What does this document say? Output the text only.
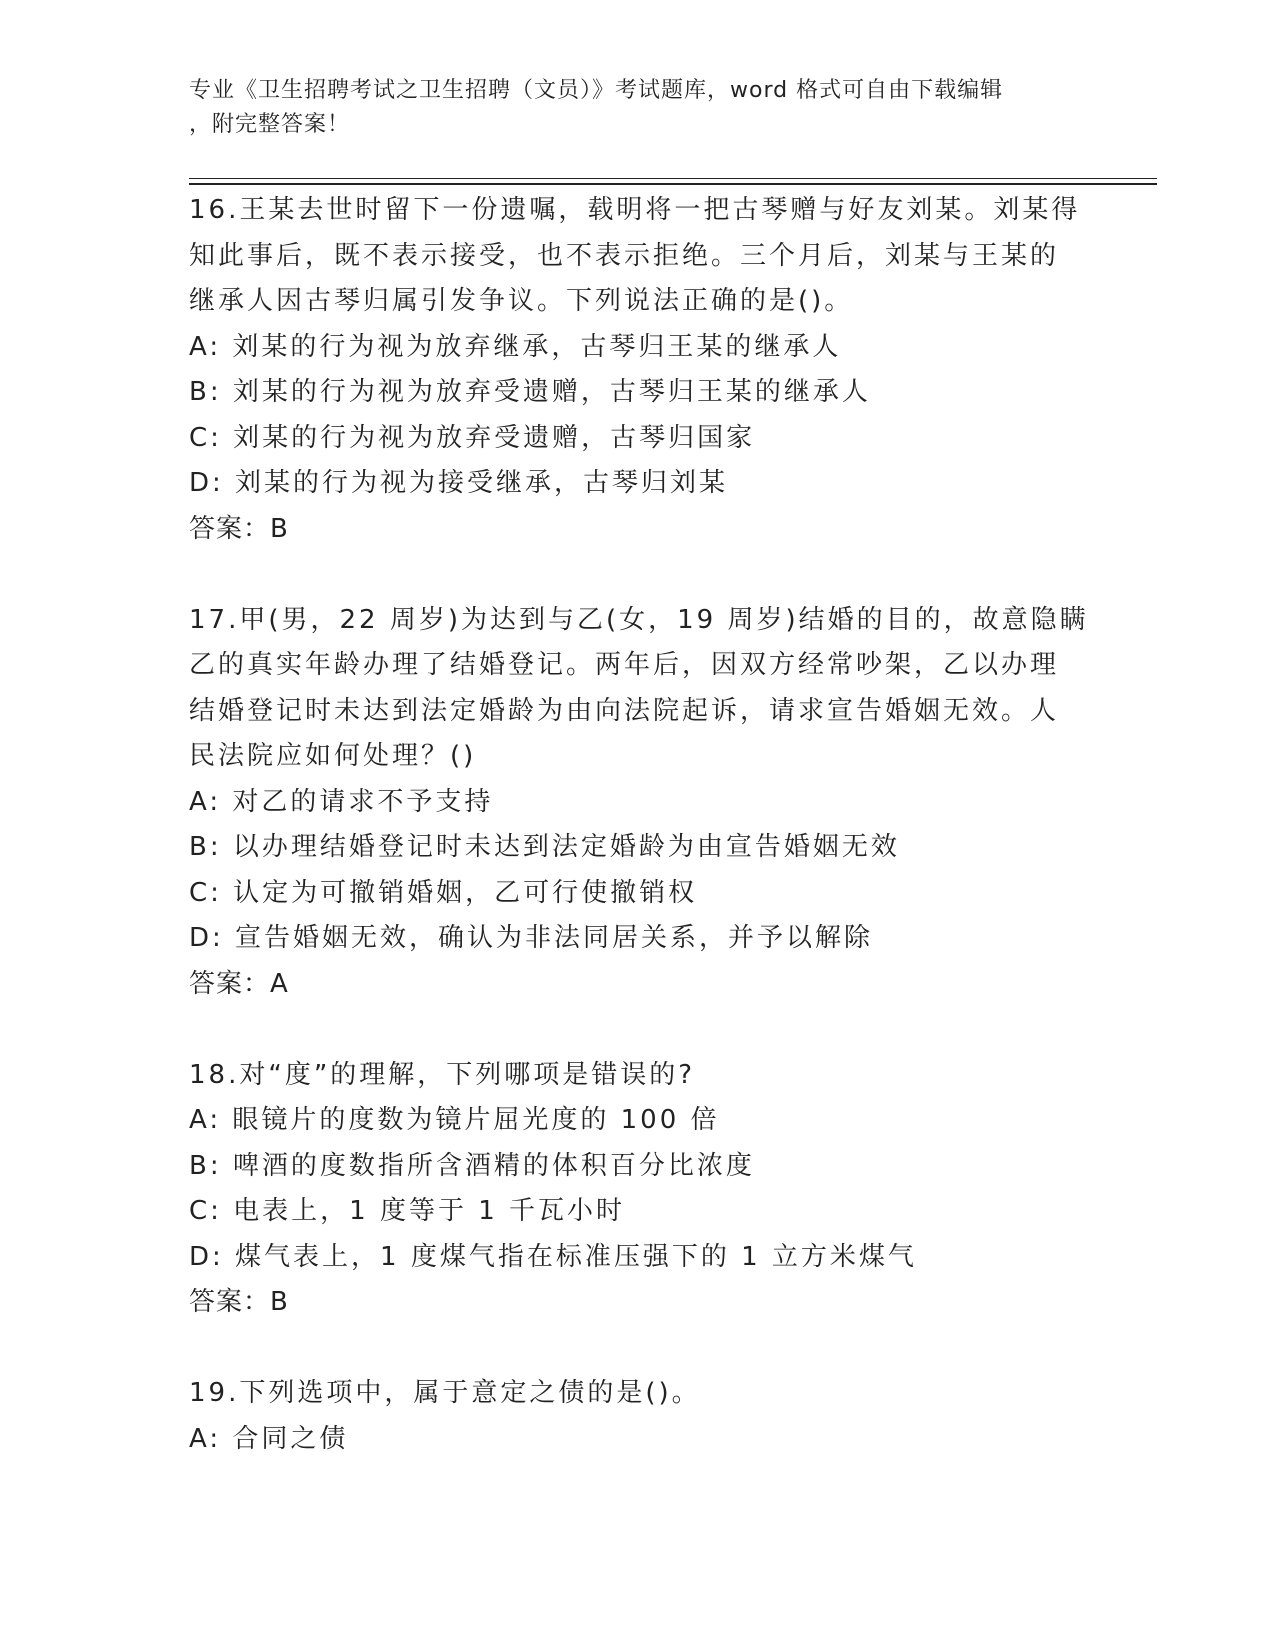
专业《卫生招聘考试之卫生招聘（文员）》考试题库，word 格式可自由下载编辑
，附完整答案！

16.王某去世时留下一份遗嘱，载明将一把古琴赠与好友刘某。刘某得

知此事后，既不表示接受，也不表示拒绝。三个月后，刘某与王某的

继承人因古琴归属引发争议。下列说法正确的是()。

A: 刘某的行为视为放弃继承，古琴归王某的继承人

B: 刘某的行为视为放弃受遗赠，古琴归王某的继承人

C: 刘某的行为视为放弃受遗赠，古琴归国家

D: 刘某的行为视为接受继承，古琴归刘某

答案：B

17.甲(男，22 周岁)为达到与乙(女，19 周岁)结婚的目的，故意隐瞒

乙的真实年龄办理了结婚登记。两年后，因双方经常吵架，乙以办理

结婚登记时未达到法定婚龄为由向法院起诉，请求宣告婚姻无效。人

民法院应如何处理？()

A: 对乙的请求不予支持

B: 以办理结婚登记时未达到法定婚龄为由宣告婚姻无效

C: 认定为可撤销婚姻，乙可行使撤销权

D: 宣告婚姻无效，确认为非法同居关系，并予以解除

答案：A

18.对“度”的理解，下列哪项是错误的?

A: 眼镜片的度数为镜片屈光度的 100 倍

B: 啤酒的度数指所含酒精的体积百分比浓度

C: 电表上，1 度等于 1 千瓦小时

D: 煤气表上，1 度煤气指在标准压强下的 1 立方米煤气

答案：B

19.下列选项中，属于意定之债的是()。

A: 合同之债
